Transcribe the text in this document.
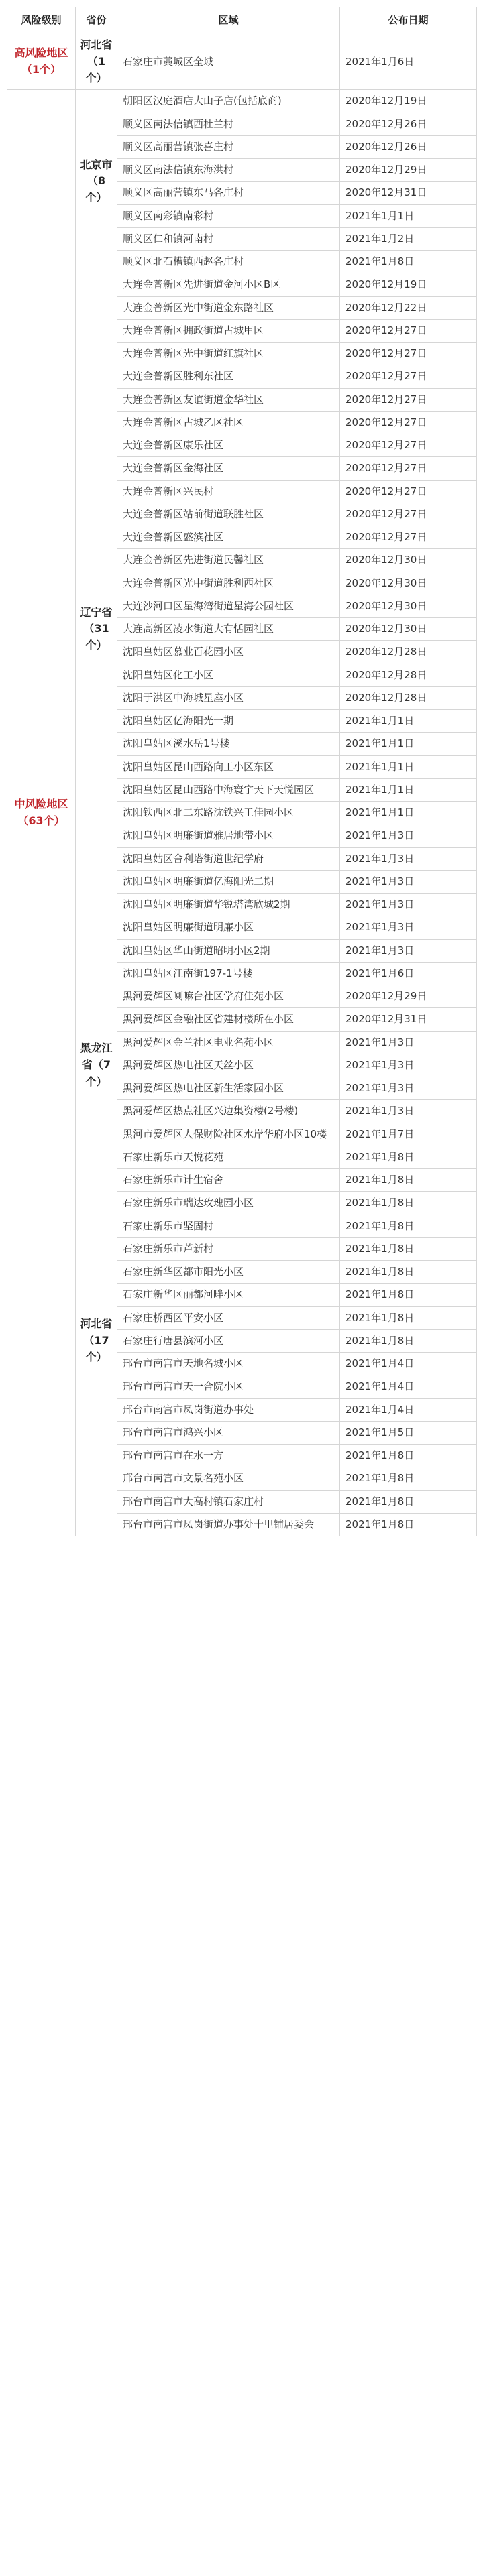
风险级别	省份	区域	公布日期
高风险地区（1个）	河北省（1个）	石家庄市藁城区全域	2021年1月6日
中风险地区（63个）	北京市（8个）	朝阳区汉庭酒店大山子店(包括底商)	2020年12月19日
		顺义区南法信镇西杜兰村	2020年12月26日
		顺义区高丽营镇张喜庄村	2020年12月26日
		顺义区南法信镇东海洪村	2020年12月29日
		顺义区高丽营镇东马各庄村	2020年12月31日
		顺义区南彩镇南彩村	2021年1月1日
		顺义区仁和镇河南村	2021年1月2日
		顺义区北石槽镇西赵各庄村	2021年1月8日
	辽宁省（31个）	大连金普新区先进街道金河小区B区	2020年12月19日
		大连金普新区光中街道金东路社区	2020年12月22日
		大连金普新区拥政街道古城甲区	2020年12月27日
		大连金普新区光中街道红旗社区	2020年12月27日
		大连金普新区胜利东社区	2020年12月27日
		大连金普新区友谊街道金华社区	2020年12月27日
		大连金普新区古城乙区社区	2020年12月27日
		大连金普新区康乐社区	2020年12月27日
		大连金普新区金海社区	2020年12月27日
		大连金普新区兴民村	2020年12月27日
		大连金普新区站前街道联胜社区	2020年12月27日
		大连金普新区盛滨社区	2020年12月27日
		大连金普新区先进街道民馨社区	2020年12月30日
		大连金普新区光中街道胜利西社区	2020年12月30日
		大连沙河口区星海湾街道星海公园社区	2020年12月30日
		大连高新区凌水街道大有恬园社区	2020年12月30日
		沈阳皇姑区慕业百花园小区	2020年12月28日
		沈阳皇姑区化工小区	2020年12月28日
		沈阳于洪区中海城星座小区	2020年12月28日
		沈阳皇姑区亿海阳光一期	2021年1月1日
		沈阳皇姑区溪水岳1号楼	2021年1月1日
		沈阳皇姑区昆山西路向工小区东区	2021年1月1日
		沈阳皇姑区昆山西路中海寰宇天下天悦园区	2021年1月1日
		沈阳铁西区北二东路沈铁兴工佳园小区	2021年1月1日
		沈阳皇姑区明廉街道雅居地带小区	2021年1月3日
		沈阳皇姑区舍利塔街道世纪学府	2021年1月3日
		沈阳皇姑区明廉街道亿海阳光二期	2021年1月3日
		沈阳皇姑区明廉街道华锐塔湾欣城2期	2021年1月3日
		沈阳皇姑区明廉街道明廉小区	2021年1月3日
		沈阳皇姑区华山街道昭明小区2期	2021年1月3日
		沈阳皇姑区江南街197-1号楼	2021年1月6日
	黑龙江省（7个）	黑河爱辉区喇嘛台社区学府佳苑小区	2020年12月29日
		黑河爱辉区金融社区省建材楼所在小区	2020年12月31日
		黑河爱辉区金兰社区电业名苑小区	2021年1月3日
		黑河爱辉区热电社区天丝小区	2021年1月3日
		黑河爱辉区热电社区新生活家园小区	2021年1月3日
		黑河爱辉区热点社区兴边集资楼(2号楼)	2021年1月3日
		黑河市爱辉区人保财险社区水岸华府小区10楼	2021年1月7日
	河北省（17个）	石家庄新乐市天悦花苑	2021年1月8日
		石家庄新乐市计生宿舍	2021年1月8日
		石家庄新乐市瑞达玫瑰园小区	2021年1月8日
		石家庄新乐市坚固村	2021年1月8日
		石家庄新乐市芦新村	2021年1月8日
		石家庄新华区都市阳光小区	2021年1月8日
		石家庄新华区丽都河畔小区	2021年1月8日
		石家庄桥西区平安小区	2021年1月8日
		石家庄行唐县滨河小区	2021年1月8日
		邢台市南宫市天地名城小区	2021年1月4日
		邢台市南宫市天一合院小区	2021年1月4日
		邢台市南宫市凤岗街道办事处	2021年1月4日
		邢台市南宫市鸿兴小区	2021年1月5日
		邢台市南宫市在水一方	2021年1月8日
		邢台市南宫市文景名苑小区	2021年1月8日
		邢台市南宫市大高村镇石家庄村	2021年1月8日
		邢台市南宫市凤岗街道办事处十里铺居委会	2021年1月8日
